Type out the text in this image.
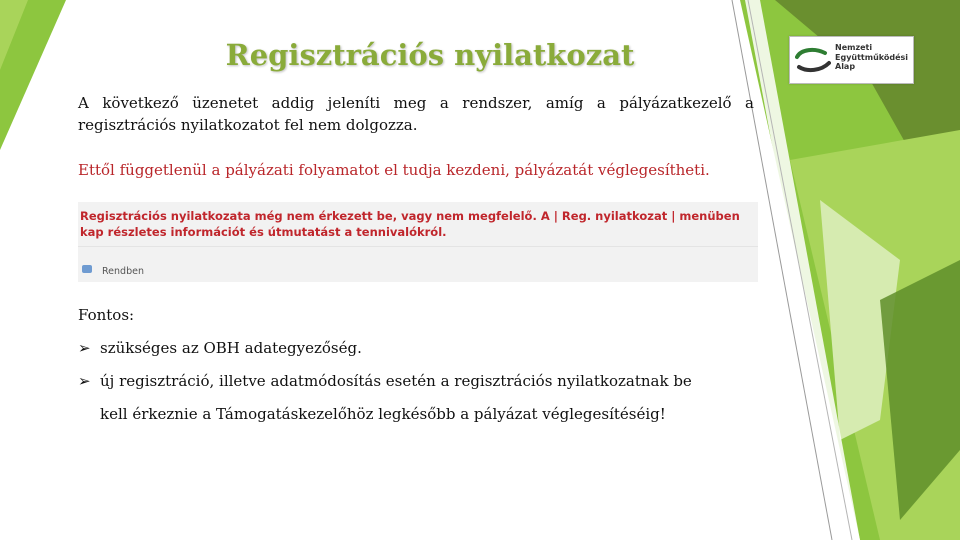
Regisztrációs nyilatkozat
A következő üzenetet addig jeleníti meg a rendszer, amíg a pályázatkezelő a regisztrációs nyilatkozatot fel nem dolgozza.
Ettől függetlenül a pályázati folyamatot el tudja kezdeni, pályázatát véglegesítheti.
Regisztrációs nyilatkozata még nem érkezett be, vagy nem megfelelő. A | Reg. nyilatkozat | menüben kap részletes információt és útmutatást a tennivalókról.
Rendben
Fontos:
➢ szükséges az OBH adategyezőség.
➢ új regisztráció, illetve adatmódosítás esetén a regisztrációs nyilatkozatnak be
kell érkeznie a Támogatáskezelőhöz legkésőbb a pályázat véglegesítéséig!
Nemzeti
Együttműködési
Alap
